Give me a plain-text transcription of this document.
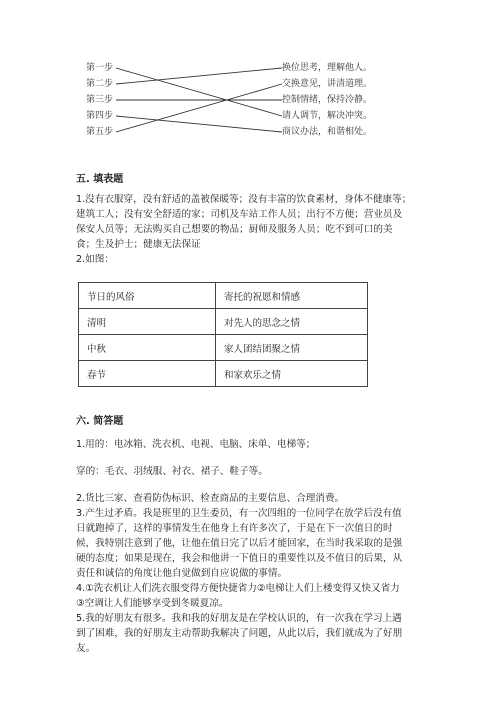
第一步
第二步
第三步
第四步
第五步
换位思考，理解他人。
交换意见，讲清道理。
控制情绪，保持冷静。
请人调节，解决冲突。
商议办法，和谐相处。
五. 填表题
1.没有衣服穿，没有舒适的盖被保暖等；没有丰富的饮食素材，身体不健康等；
建筑工人；没有安全舒适的家；司机及车站工作人员；出行不方便；营业员及
保安人员等；无法购买自己想要的物品；厨师及服务人员；吃不到可口的美
食；生及护士；健康无法保证
2.如图：
节日的风俗	寄托的祝愿和情感
清明	对先人的思念之情
中秋	家人团结团聚之情
春节	和家欢乐之情
六. 简答题
1.用的：电冰箱、洗衣机、电视、电脑、床单、电梯等；
穿的：毛衣、羽绒服、衬衣、裙子、鞋子等。
2.货比三家、查看防伪标识、检查商品的主要信息、合理消费。
3.产生过矛盾。我是班里的卫生委员，有一次四组的一位同学在放学后没有值
日就跑掉了，这样的事情发生在他身上有许多次了，于是在下一次值日的时
候，我特别注意到了他，让他在值日完了以后才能回家，在当时我采取的是强
硬的态度；如果是现在，我会和他讲一下值日的重要性以及不值日的后果，从
责任和诚信的角度让他自觉做到自应说做的事情。
4.①洗衣机让人们洗衣服变得方便快捷省力②电梯让人们上楼变得又快又省力
③空调让人们能够享受到冬暖夏凉。
5.我的好朋友有很多。我和我的好朋友是在学校认识的，有一次我在学习上遇
到了困难，我的好朋友主动帮助我解决了问题，从此以后，我们就成为了好朋
友。
